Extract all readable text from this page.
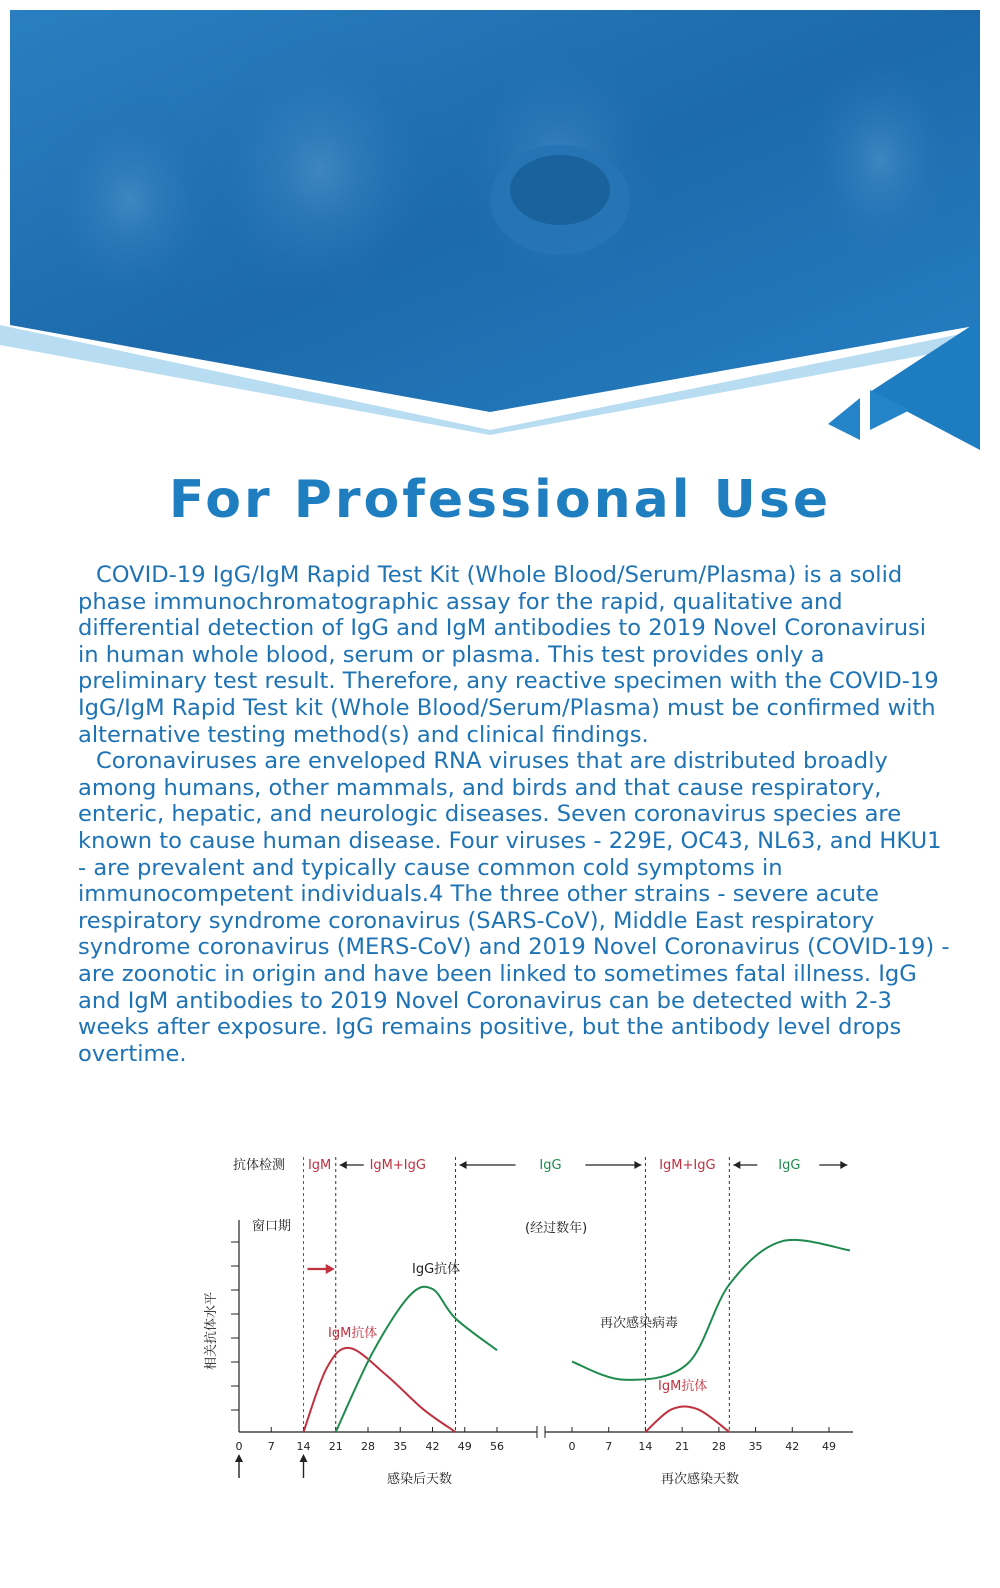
For Professional Use

COVID-19 IgG/IgM Rapid Test Kit (Whole Blood/Serum/Plasma) is a solid phase immunochromatographic assay for the rapid, qualitative and differential detection of IgG and IgM antibodies to 2019 Novel Coronavirusi in human whole blood, serum or plasma. This test provides only a preliminary test result. Therefore, any reactive specimen with the COVID-19 IgG/IgM Rapid Test kit (Whole Blood/Serum/Plasma) must be confirmed with alternative testing method(s) and clinical findings.

Coronaviruses are enveloped RNA viruses that are distributed broadly among humans, other mammals, and birds and that cause respiratory, enteric, hepatic, and neurologic diseases. Seven coronavirus species are known to cause human disease. Four viruses - 229E, OC43, NL63, and HKU1 - are prevalent and typically cause common cold symptoms in immunocompetent individuals.4 The three other strains - severe acute respiratory syndrome coronavirus (SARS-CoV), Middle East respiratory syndrome coronavirus (MERS-CoV) and 2019 Novel Coronavirus (COVID-19) - are zoonotic in origin and have been linked to sometimes fatal illness. IgG and IgM antibodies to 2019 Novel Coronavirus can be detected with 2-3 weeks after exposure. IgG remains positive, but the antibody level drops overtime.

0 7 14 21 28 35 42 49 56	0	7 14 21 28 35 42 49
抗体检测 IgM	IgM+IgG	IgG	IgM+IgG	IgG
窗口期	(经过数年)
IgG抗体
IgM抗体
再次感染病毒
IgM抗体
相关抗体水平
感染后天数	再次感染天数
